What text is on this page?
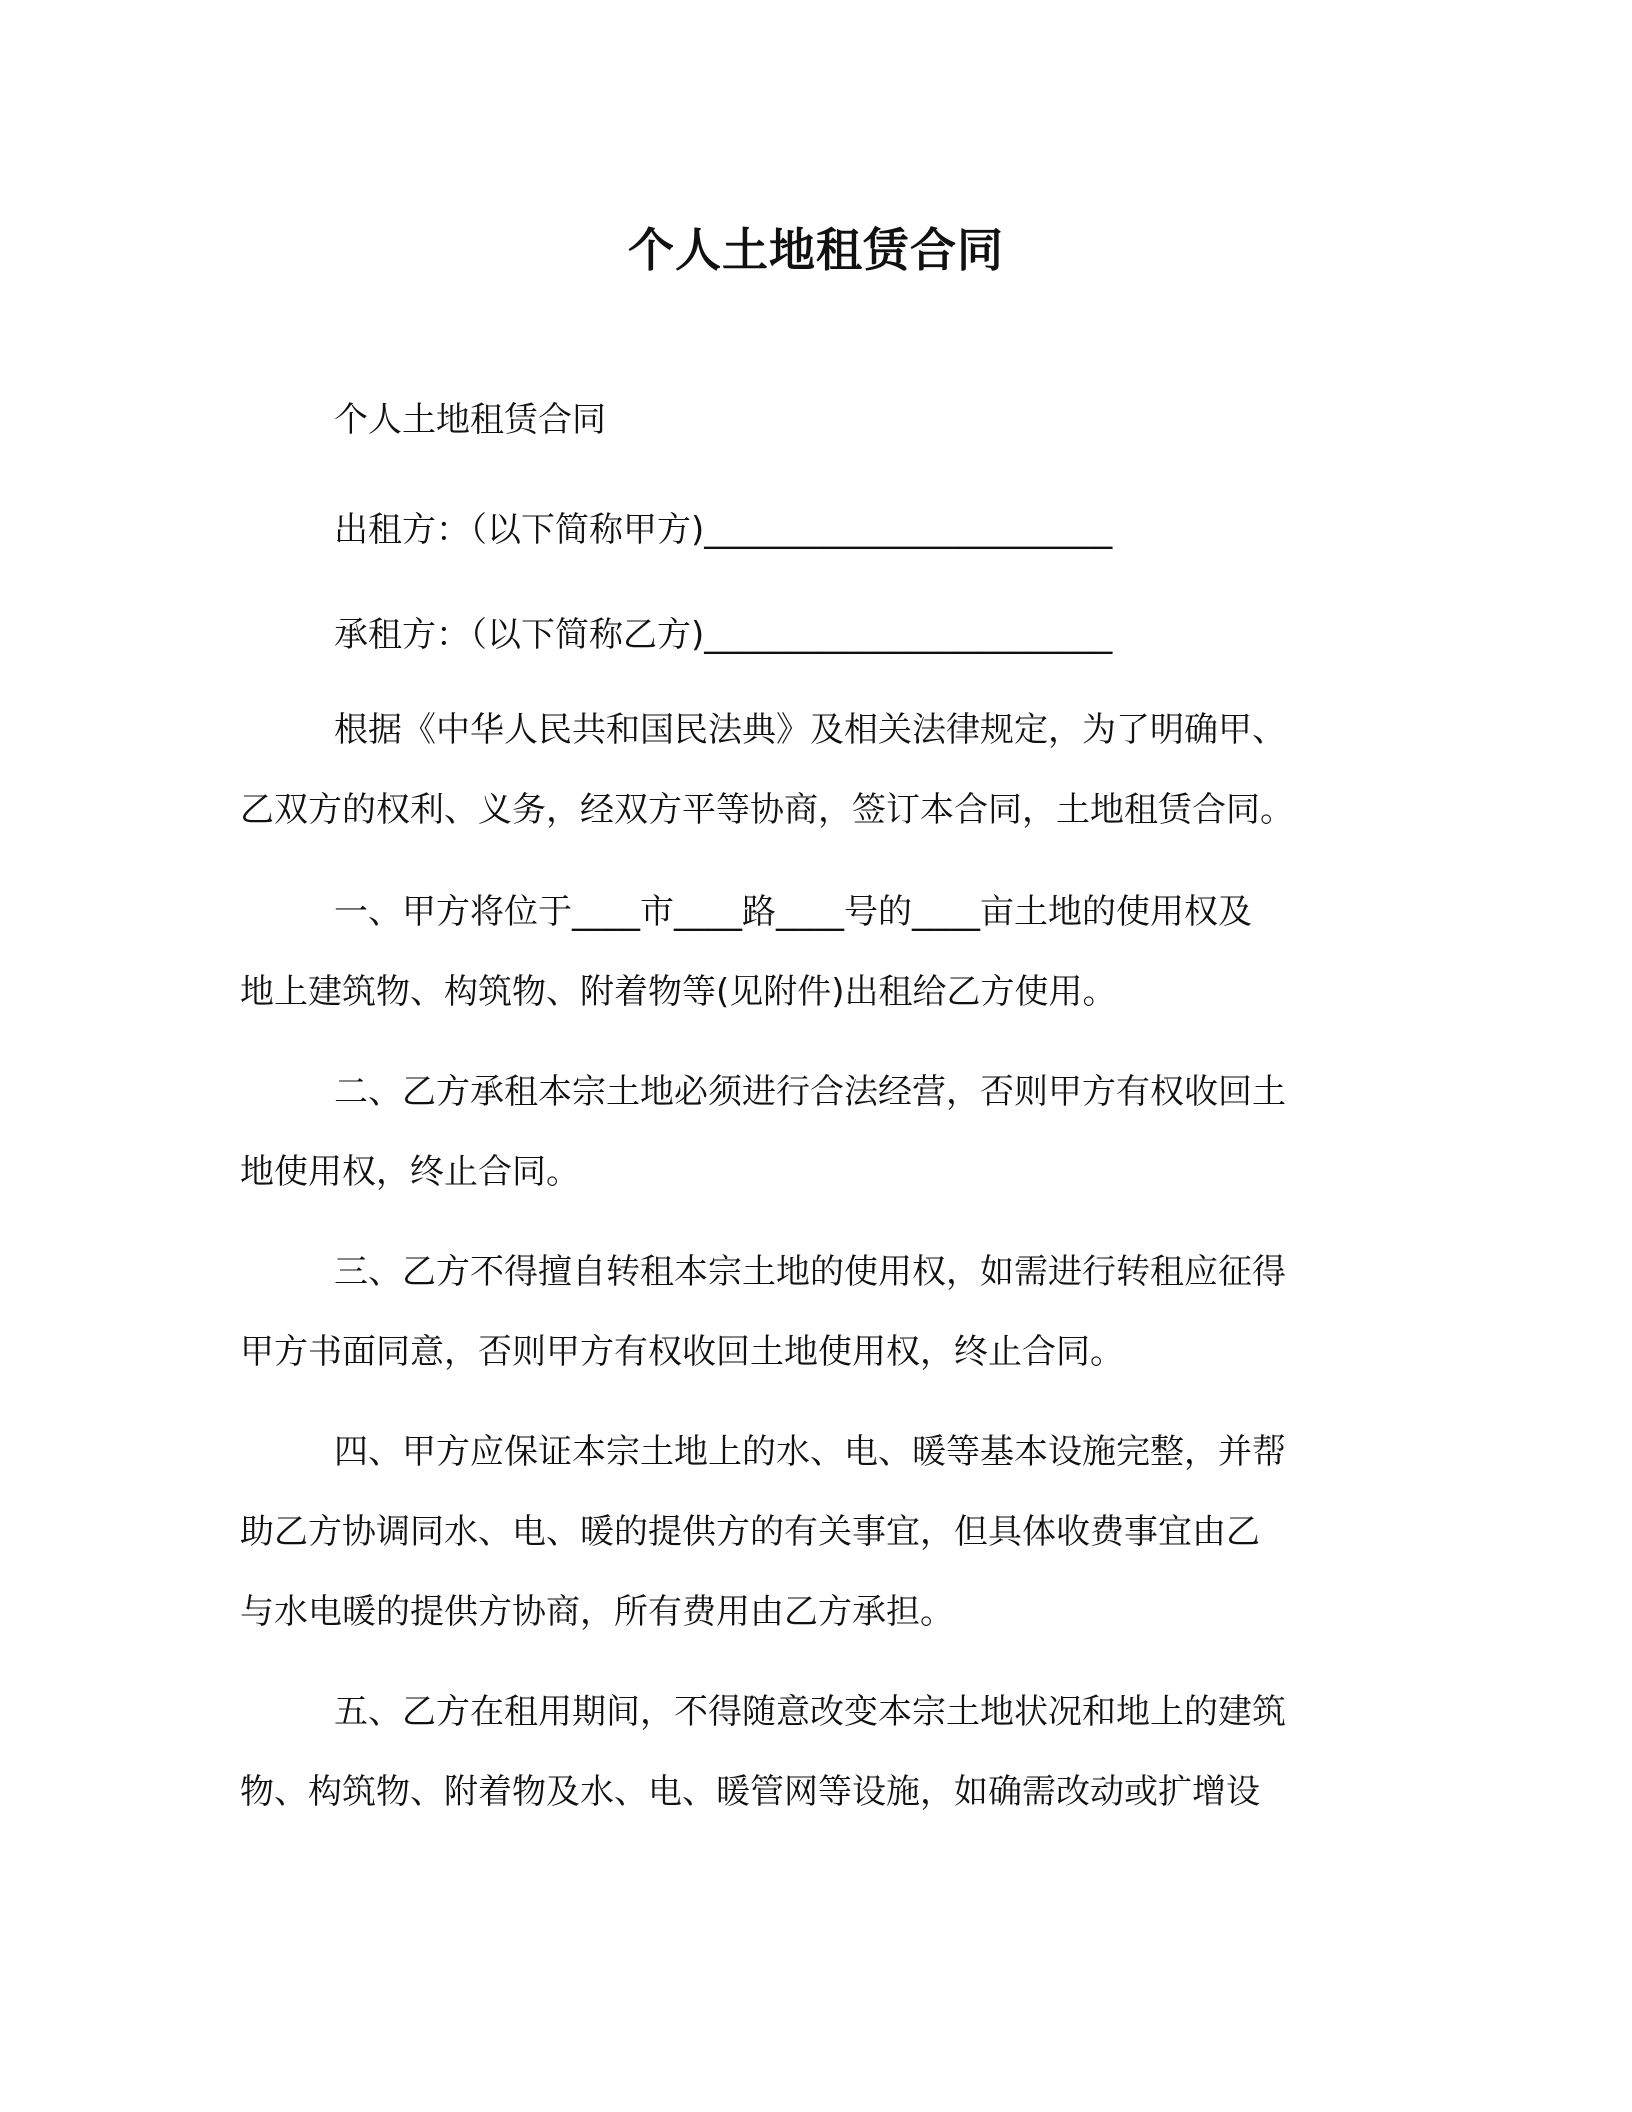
个人土地租赁合同
个人土地租赁合同
出租方：（以下简称甲方)________________________
承租方：（以下简称乙方)________________________
根据《中华人民共和国民法典》及相关法律规定，为了明确甲、
乙双方的权利、义务，经双方平等协商，签订本合同，土地租赁合同。
一、甲方将位于____市____路____号的____亩土地的使用权及
地上建筑物、构筑物、附着物等(见附件)出租给乙方使用。
二、乙方承租本宗土地必须进行合法经营，否则甲方有权收回土
地使用权，终止合同。
三、乙方不得擅自转租本宗土地的使用权，如需进行转租应征得
甲方书面同意，否则甲方有权收回土地使用权，终止合同。
四、甲方应保证本宗土地上的水、电、暖等基本设施完整，并帮
助乙方协调同水、电、暖的提供方的有关事宜，但具体收费事宜由乙
与水电暖的提供方协商，所有费用由乙方承担。
五、乙方在租用期间，不得随意改变本宗土地状况和地上的建筑
物、构筑物、附着物及水、电、暖管网等设施，如确需改动或扩增设
